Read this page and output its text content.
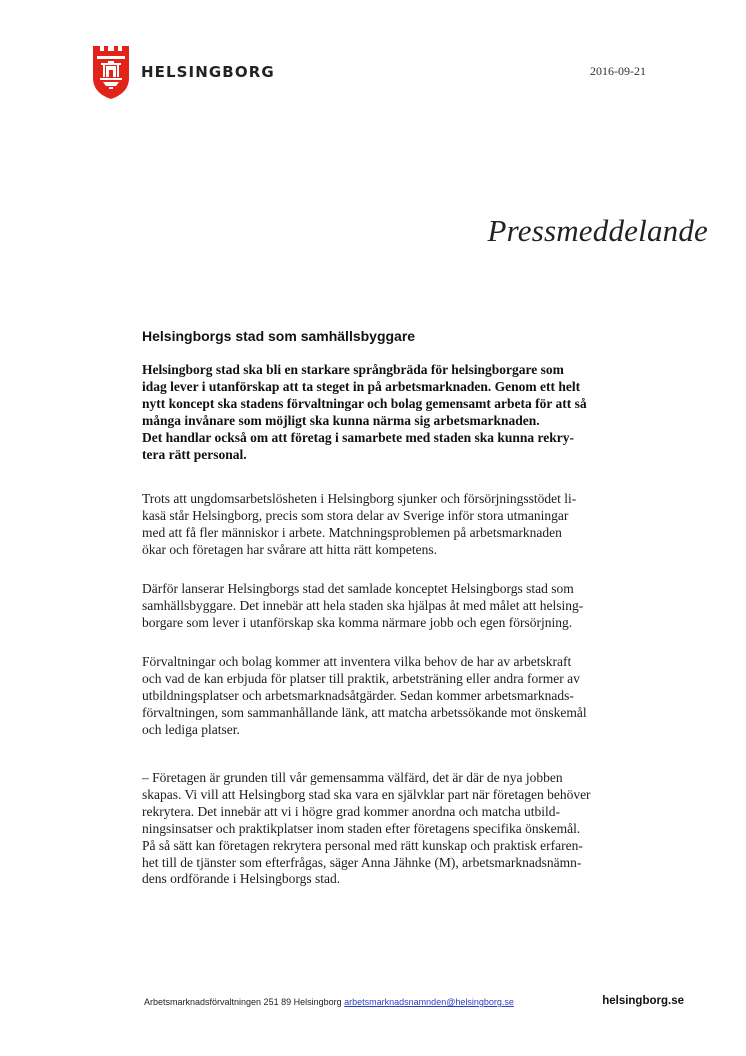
HELSINGBORG	2016-09-21
Pressmeddelande
Helsingborgs stad som samhällsbyggare

Helsingborg stad ska bli en starkare språngbräda för helsingborgare som
idag lever i utanförskap att ta steget in på arbetsmarknaden. Genom ett helt
nytt koncept ska stadens förvaltningar och bolag gemensamt arbeta för att så
många invånare som möjligt ska kunna närma sig arbetsmarknaden.
Det handlar också om att företag i samarbete med staden ska kunna rekry-
tera rätt personal.

Trots att ungdomsarbetslösheten i Helsingborg sjunker och försörjningsstödet li-
kasä står Helsingborg, precis som stora delar av Sverige inför stora utmaningar
med att få fler människor i arbete. Matchningsproblemen på arbetsmarknaden
ökar och företagen har svårare att hitta rätt kompetens.

Därför lanserar Helsingborgs stad det samlade konceptet Helsingborgs stad som
samhällsbyggare. Det innebär att hela staden ska hjälpas åt med målet att helsing-
borgare som lever i utanförskap ska komma närmare jobb och egen försörjning.

Förvaltningar och bolag kommer att inventera vilka behov de har av arbetskraft
och vad de kan erbjuda för platser till praktik, arbetsträning eller andra former av
utbildningsplatser och arbetsmarknadsåtgärder. Sedan kommer arbetsmarknads-
förvaltningen, som sammanhållande länk, att matcha arbetssökande mot önskemål
och lediga platser.

– Företagen är grunden till vår gemensamma välfärd, det är där de nya jobben
skapas. Vi vill att Helsingborg stad ska vara en självklar part när företagen behöver
rekrytera. Det innebär att vi i högre grad kommer anordna och matcha utbild-
ningsinsatser och praktikplatser inom staden efter företagens specifika önskemål.
På så sätt kan företagen rekrytera personal med rätt kunskap och praktisk erfaren-
het till de tjänster som efterfrågas, säger Anna Jähnke (M), arbetsmarknadsnämn-
dens ordförande i Helsingborgs stad.

Arbetsmarknadsförvaltningen 251 89 Helsingborg arbetsmarknadsnamnden@helsingborg.se	helsingborg.se
